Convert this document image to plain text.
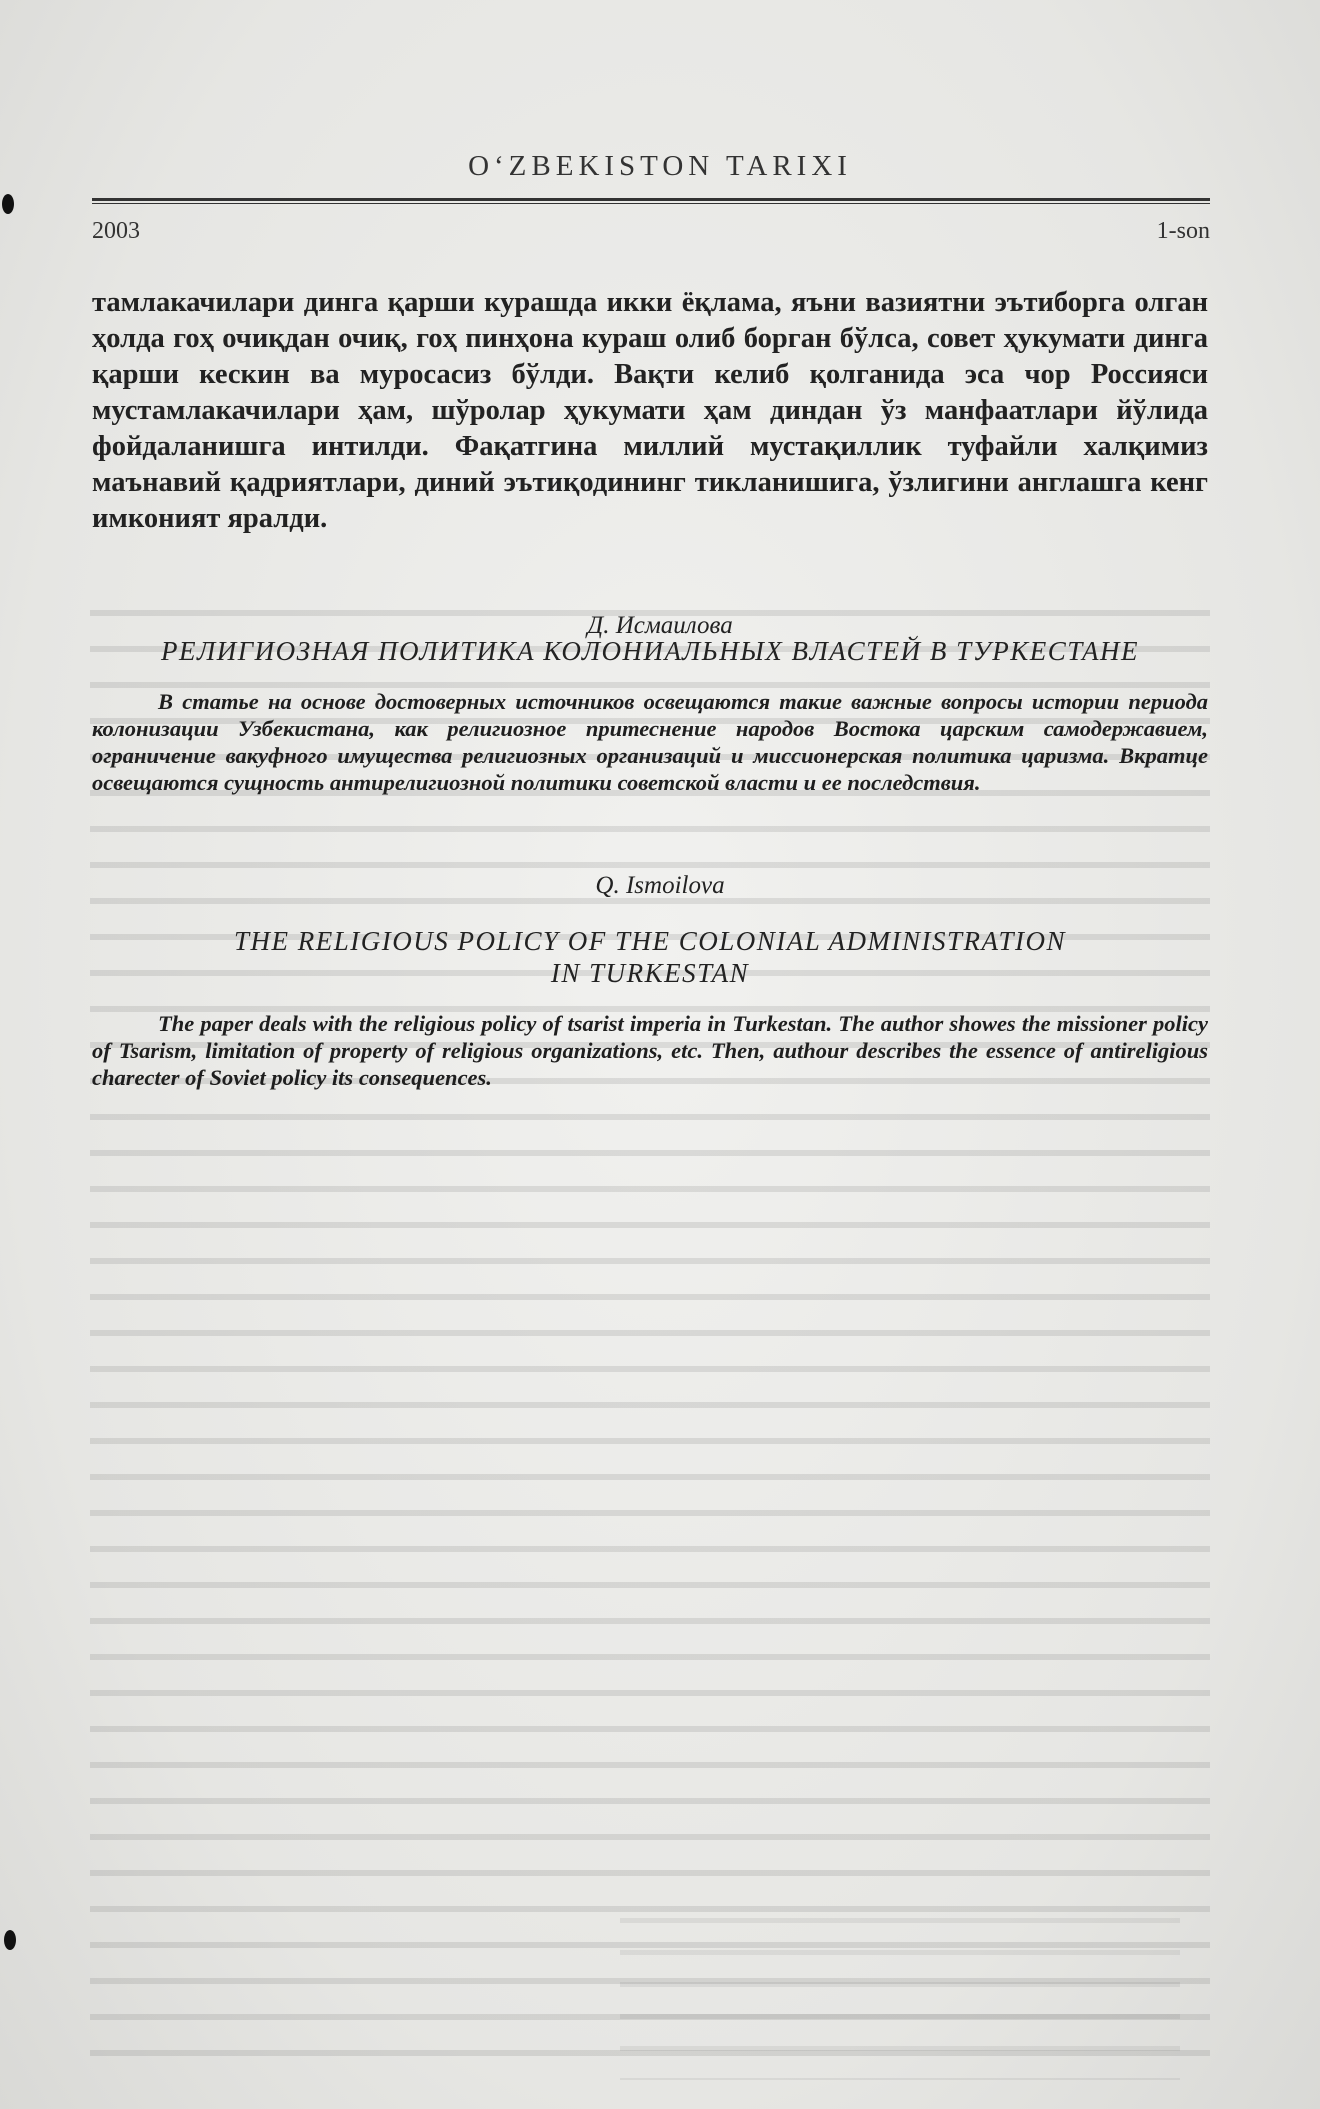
OʻZBEKISTON TARIXI
2003	1-son
тамлакачилари динга қарши курашда икки ёқлама, яъни вазиятни эътиборга олган ҳолда гоҳ очиқдан очиқ, гоҳ пинҳона кураш олиб борган бўлса, совет ҳукумати динга қарши кескин ва муросасиз бўлди. Вақти келиб қолганида эса чор Россияси мустамлакачилари ҳам, шўролар ҳукумати ҳам диндан ўз манфаатлари йўлида фойдаланишга интилди. Фақатгина миллий мустақиллик туфайли халқимиз маънавий қадриятлари, диний эътиқодининг тикланишига, ўзлигини англашга кенг имконият яралди.
Д. Исмаилова
РЕЛИГИОЗНАЯ ПОЛИТИКА КОЛОНИАЛЬНЫХ ВЛАСТЕЙ В ТУРКЕСТАНЕ
В статье на основе достоверных источников освещаются такие важные вопросы истории периода колонизации Узбекистана, как религиозное притеснение народов Востока царским самодержавием, ограничение вакуфного имущества религиозных организаций и миссионерская политика царизма. Вкратце освещаются сущность антирелигиозной политики советской власти и ее последствия.
Q. Ismoilova
THE RELIGIOUS POLICY OF THE COLONIAL ADMINISTRATION
IN TURKESTAN
The paper deals with the religious policy of tsarist imperia in Turkestan. The author showes the missioner policy of Tsarism, limitation of property of religious organizations, etc. Then, authour describes the essence of antireligious charecter of Soviet policy its consequences.
